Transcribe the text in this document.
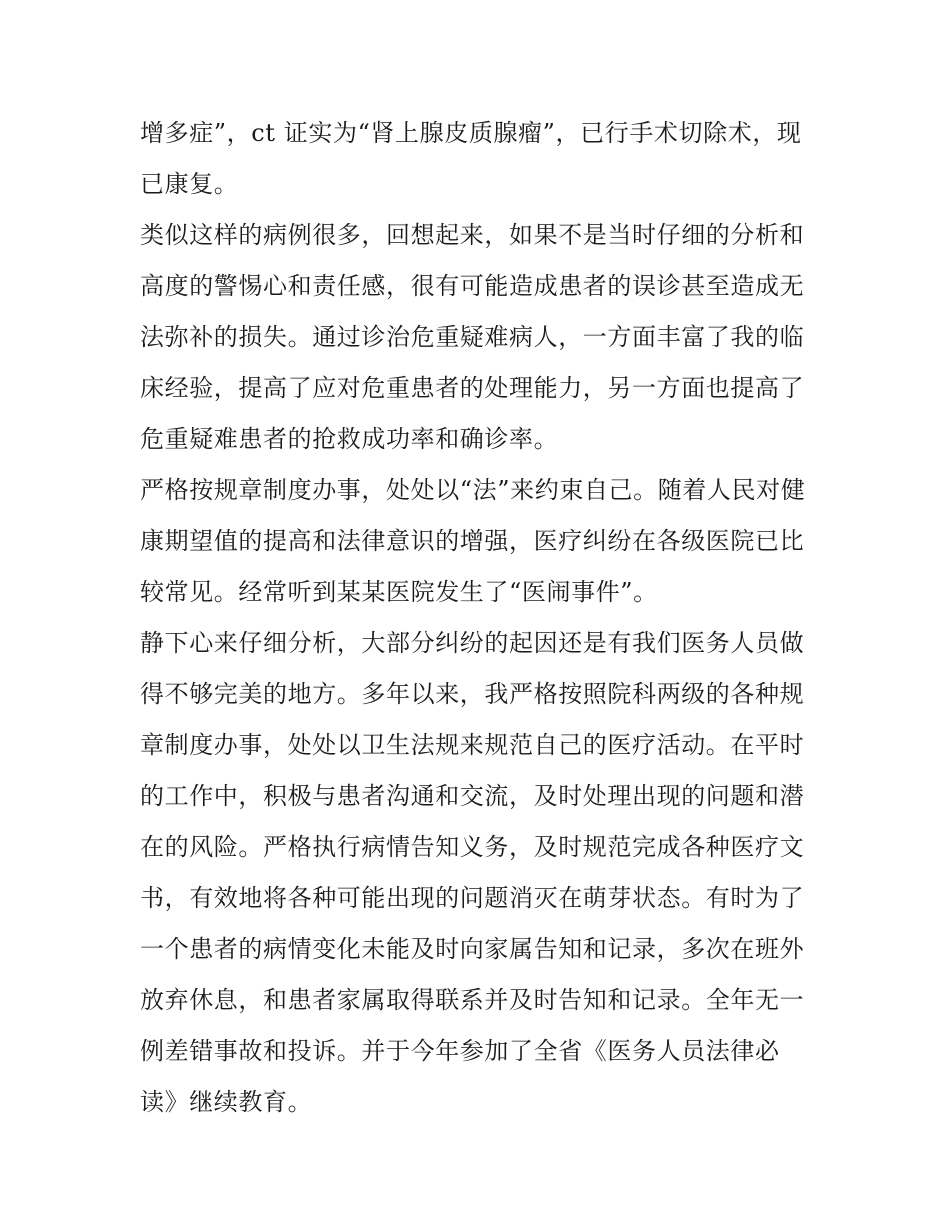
增多症”，ct 证实为“肾上腺皮质腺瘤”，已行手术切除术，现
已康复。
类似这样的病例很多，回想起来，如果不是当时仔细的分析和
高度的警惕心和责任感，很有可能造成患者的误诊甚至造成无
法弥补的损失。通过诊治危重疑难病人，一方面丰富了我的临
床经验，提高了应对危重患者的处理能力，另一方面也提高了
危重疑难患者的抢救成功率和确诊率。
严格按规章制度办事，处处以“法”来约束自己。随着人民对健
康期望值的提高和法律意识的增强，医疗纠纷在各级医院已比
较常见。经常听到某某医院发生了“医闹事件”。
静下心来仔细分析，大部分纠纷的起因还是有我们医务人员做
得不够完美的地方。多年以来，我严格按照院科两级的各种规
章制度办事，处处以卫生法规来规范自己的医疗活动。在平时
的工作中，积极与患者沟通和交流，及时处理出现的问题和潜
在的风险。严格执行病情告知义务，及时规范完成各种医疗文
书，有效地将各种可能出现的问题消灭在萌芽状态。有时为了
一个患者的病情变化未能及时向家属告知和记录，多次在班外
放弃休息，和患者家属取得联系并及时告知和记录。全年无一
例差错事故和投诉。并于今年参加了全省《医务人员法律必
读》继续教育。
